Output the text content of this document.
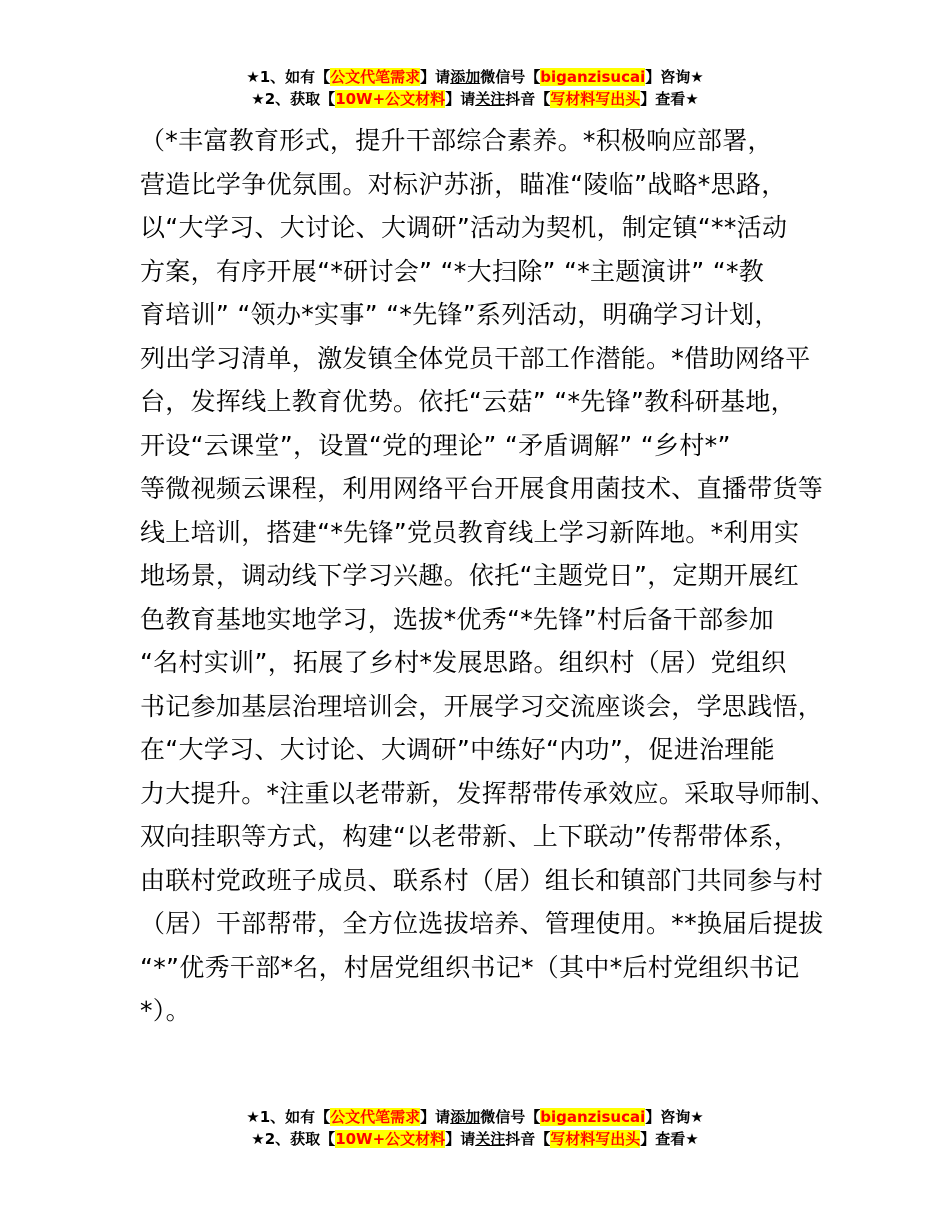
★1、如有【公文代笔需求】请添加微信号【biganzisucai】咨询★
★2、获取【10W+公文材料】请关注抖音【写材料写出头】查看★
（*丰富教育形式，提升干部综合素养。*积极响应部署，
营造比学争优氛围。对标沪苏浙，瞄准“陵临”战略*思路，
以“大学习、大讨论、大调研”活动为契机，制定镇“**活动
方案，有序开展“*研讨会” “*大扫除” “*主题演讲” “*教
育培训” “领办*实事” “*先锋”系列活动，明确学习计划，
列出学习清单，激发镇全体党员干部工作潜能。*借助网络平
台，发挥线上教育优势。依托“云菇” “*先锋”教科研基地，
开设“云课堂”，设置“党的理论” “矛盾调解” “乡村*”
等微视频云课程，利用网络平台开展食用菌技术、直播带货等
线上培训，搭建“*先锋”党员教育线上学习新阵地。*利用实
地场景，调动线下学习兴趣。依托“主题党日”，定期开展红
色教育基地实地学习，选拔*优秀“*先锋”村后备干部参加
“名村实训”，拓展了乡村*发展思路。组织村（居）党组织
书记参加基层治理培训会，开展学习交流座谈会，学思践悟，
在“大学习、大讨论、大调研”中练好“内功”，促进治理能
力大提升。*注重以老带新，发挥帮带传承效应。采取导师制、
双向挂职等方式，构建“以老带新、上下联动”传帮带体系，
由联村党政班子成员、联系村（居）组长和镇部门共同参与村
（居）干部帮带，全方位选拔培养、管理使用。**换届后提拔
“*”优秀干部*名，村居党组织书记*（其中*后村党组织书记
*）。
★1、如有【公文代笔需求】请添加微信号【biganzisucai】咨询★
★2、获取【10W+公文材料】请关注抖音【写材料写出头】查看★
